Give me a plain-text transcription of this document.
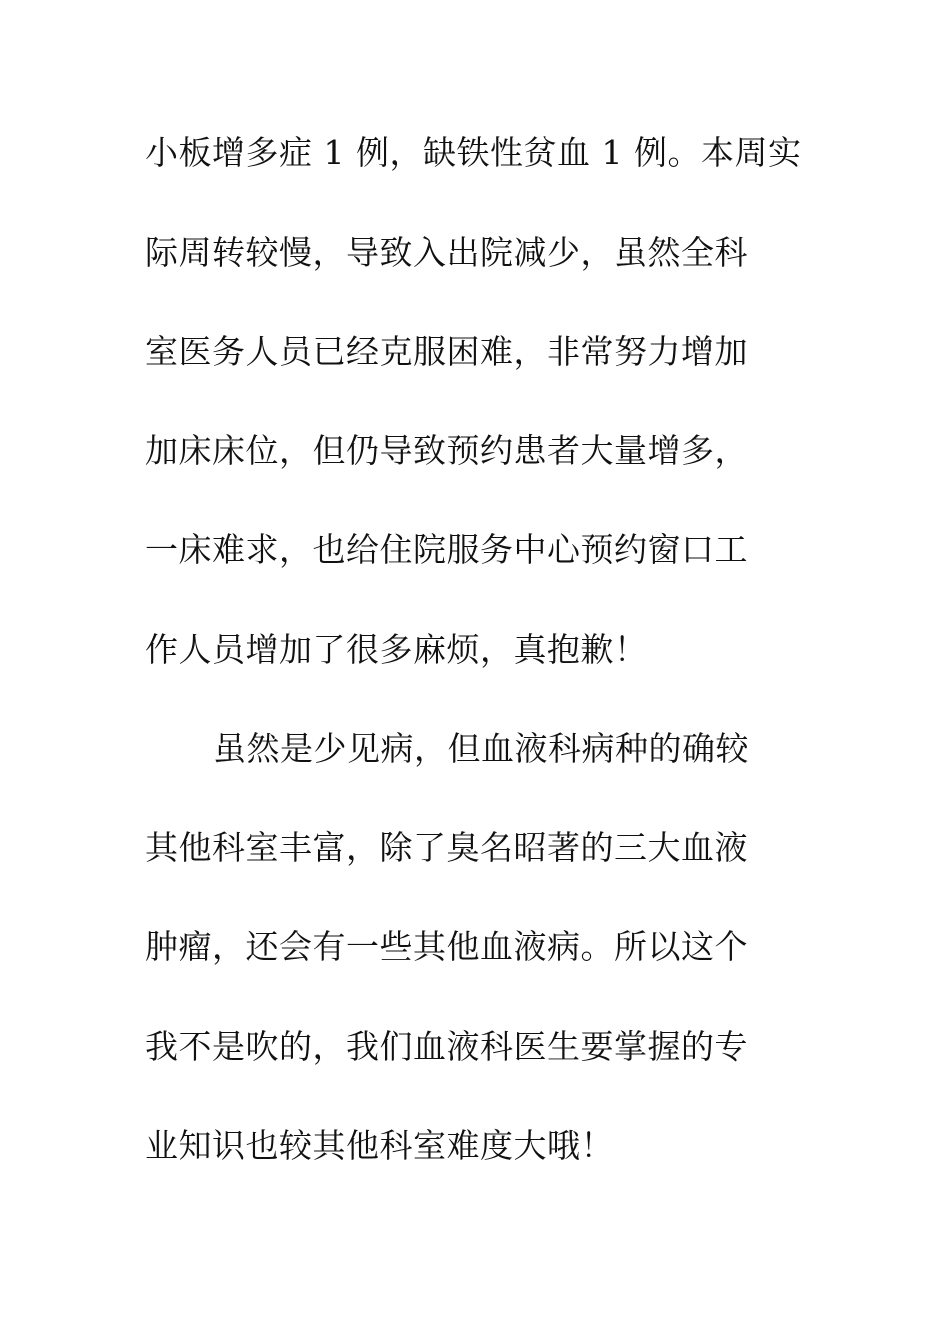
小板增多症 1 例，缺铁性贫血 1 例。本周实
际周转较慢，导致入出院减少，虽然全科
室医务人员已经克服困难，非常努力增加
加床床位，但仍导致预约患者大量增多，
一床难求，也给住院服务中心预约窗口工
作人员增加了很多麻烦，真抱歉！
虽然是少见病，但血液科病种的确较
其他科室丰富，除了臭名昭著的三大血液
肿瘤，还会有一些其他血液病。所以这个
我不是吹的，我们血液科医生要掌握的专
业知识也较其他科室难度大哦！
